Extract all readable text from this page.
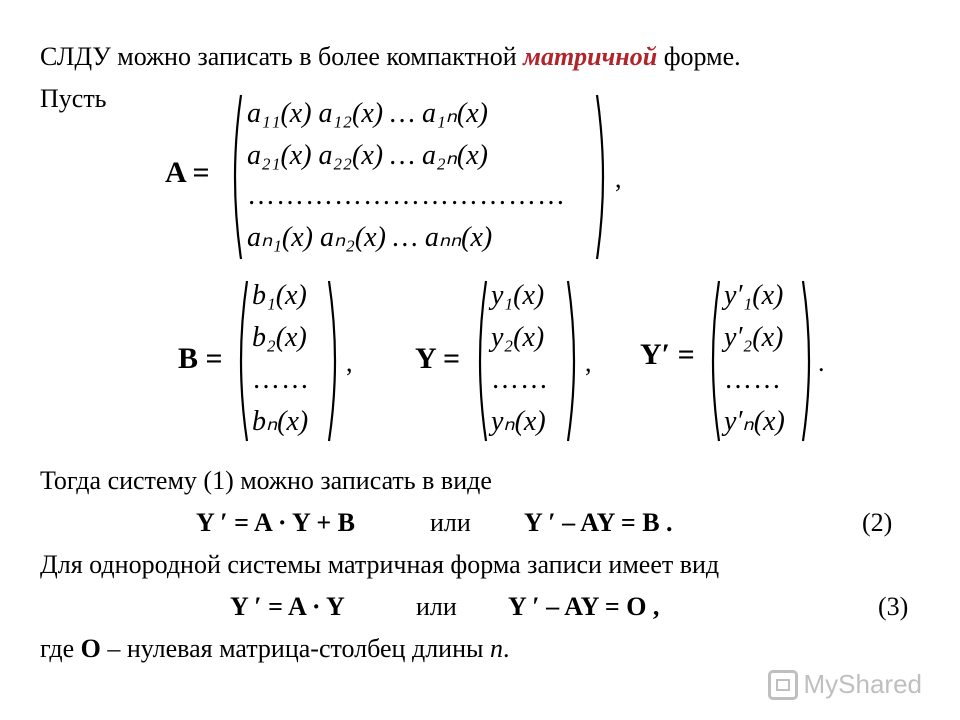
СЛДУ можно записать в более компактной матричной форме.
Пусть
A =
a₁₁(x) a₁₂(x) … a₁ₙ(x)
a₂₁(x) a₂₂(x) … a₂ₙ(x)
……………………………
aₙ₁(x) aₙ₂(x) … aₙₙ(x)
,
B =
b₁(x)
b₂(x)
……
bₙ(x)
, Y =
y₁(x)
y₂(x)
……
yₙ(x)
, Y′ =
y′₁(x)
y′₂(x)
……
y′ₙ(x)
.
Тогда систему (1) можно записать в виде
Y ′ = A · Y + B	или Y ′ – AY = B .	(2)
Для однородной системы матричная форма записи имеет вид
Y ′ = A · Y	или Y ′ – AY = O ,	(3)
где O – нулевая матрица-столбец длины n.
MyShared
